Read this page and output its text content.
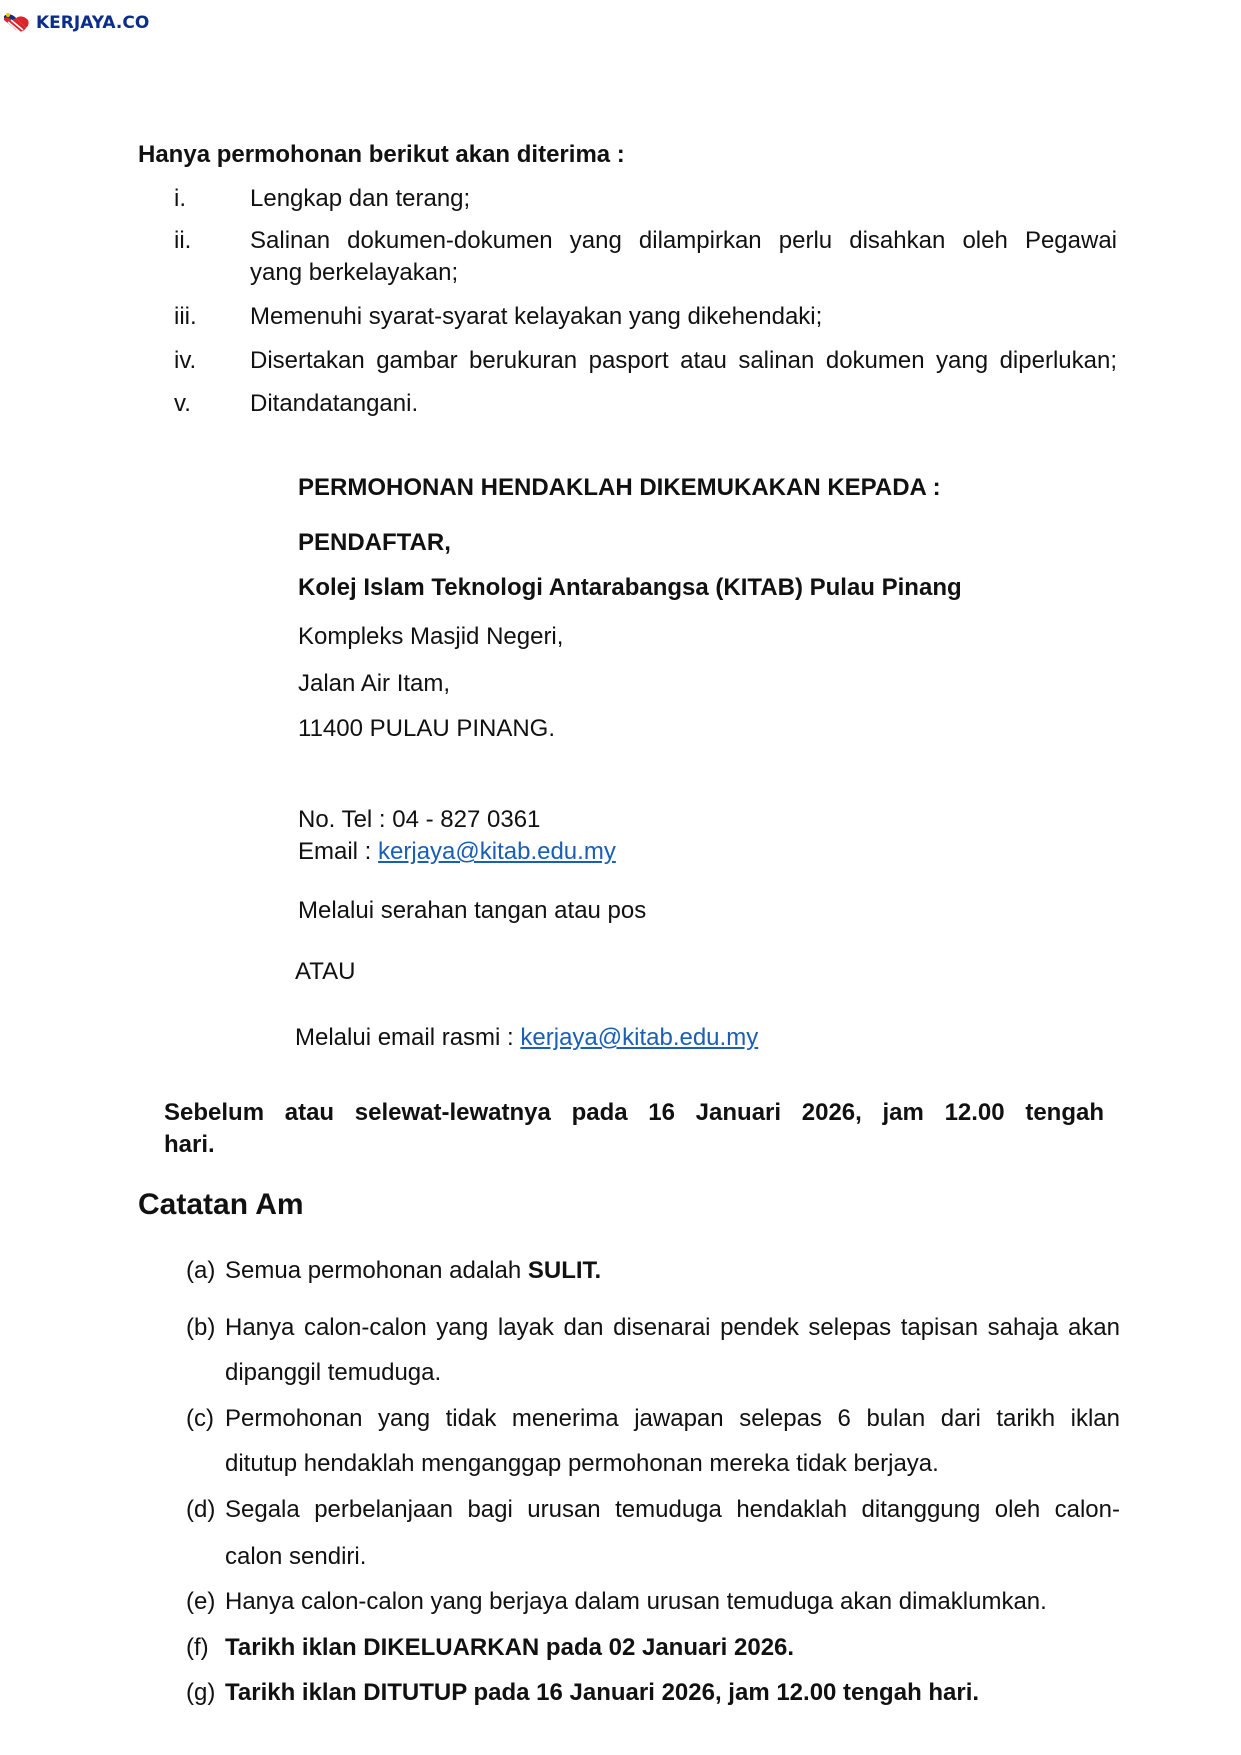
KERJAYA.CO
Hanya permohonan berikut akan diterima :
i.	Lengkap dan terang;
ii. Salinan dokumen-dokumen yang dilampirkan perlu disahkan oleh Pegawai
yang berkelayakan;
iii. Memenuhi syarat-syarat kelayakan yang dikehendaki;
iv. Disertakan gambar berukuran pasport atau salinan dokumen yang diperlukan;
v. Ditandatangani.
PERMOHONAN HENDAKLAH DIKEMUKAKAN KEPADA :
PENDAFTAR,
Kolej Islam Teknologi Antarabangsa (KITAB) Pulau Pinang
Kompleks Masjid Negeri,
Jalan Air Itam,
11400 PULAU PINANG.
No. Tel : 04 - 827 0361
Email : kerjaya@kitab.edu.my
Melalui serahan tangan atau pos
ATAU
Melalui email rasmi : kerjaya@kitab.edu.my
Sebelum atau selewat-lewatnya pada 16 Januari 2026, jam 12.00 tengah
hari.
Catatan Am
(a) Semua permohonan adalah SULIT.
(b) Hanya calon-calon yang layak dan disenarai pendek selepas tapisan sahaja akan
dipanggil temuduga.
(c) Permohonan yang tidak menerima jawapan selepas 6 bulan dari tarikh iklan
ditutup hendaklah menganggap permohonan mereka tidak berjaya.
(d) Segala perbelanjaan bagi urusan temuduga hendaklah ditanggung oleh calon-
calon sendiri.
(e) Hanya calon-calon yang berjaya dalam urusan temuduga akan dimaklumkan.
(f) Tarikh iklan DIKELUARKAN pada 02 Januari 2026.
(g) Tarikh iklan DITUTUP pada 16 Januari 2026, jam 12.00 tengah hari.
